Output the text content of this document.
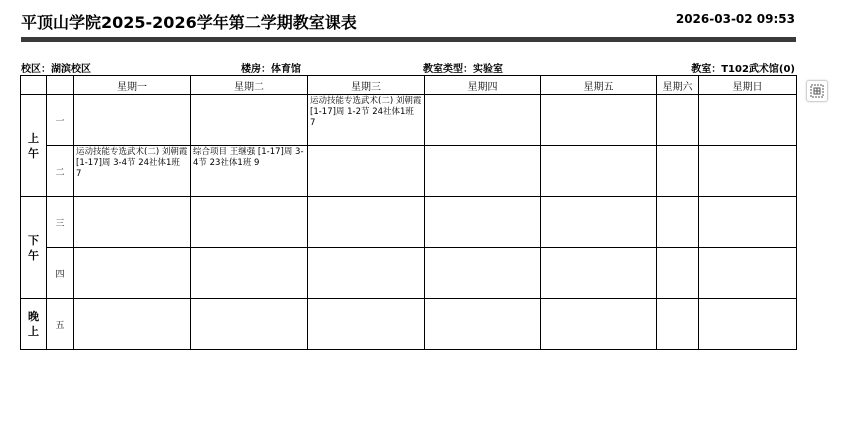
平顶山学院2025-2026学年第二学期教室课表	2026-03-02 09:53
校区：湖滨校区	楼房：体育馆	教室类型：实验室	教室：T102武术馆(0)
		星期一	星期二	星期三	星期四	星期五	星期六	星期日
上午	一			运动技能专选武术(二) 刘朝霞 [1-17]周 1-2节 24社体1班 7				

	二	运动技能专选武术(二) 刘朝霞 [1-17]周 3-4节 24社体1班 7	综合项目 王继强 [1-17]周 3-4节 23社体1班 9					

下午	三							
	四							
晚上	五							
